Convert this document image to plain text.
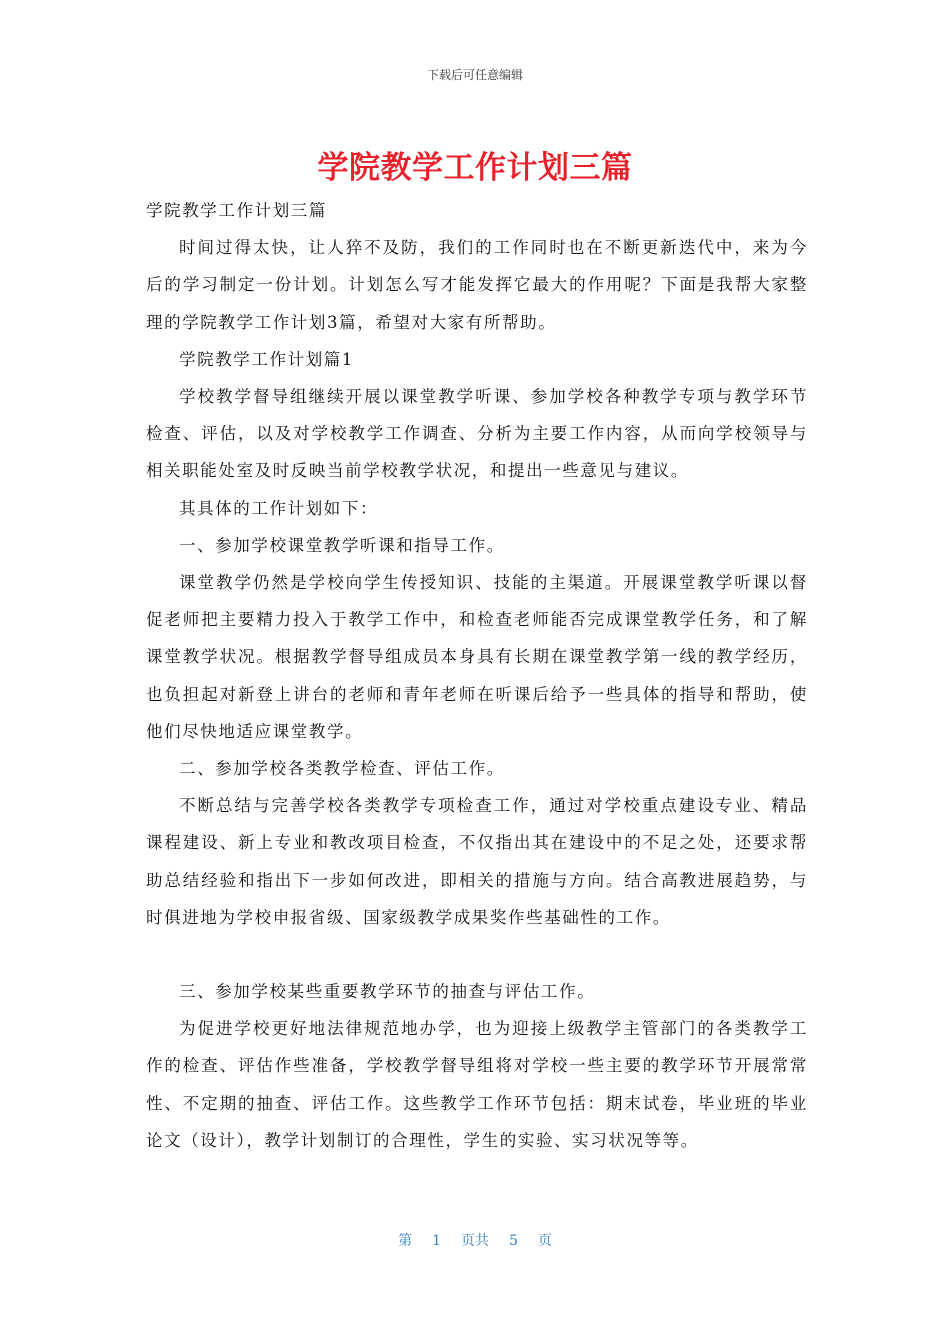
下载后可任意编辑
学院教学工作计划三篇

学院教学工作计划三篇

时间过得太快，让人猝不及防，我们的工作同时也在不断更新迭代中，来为今后的学习制定一份计划。计划怎么写才能发挥它最大的作用呢？下面是我帮大家整理的学院教学工作计划3篇，希望对大家有所帮助。

学院教学工作计划篇1

学校教学督导组继续开展以课堂教学听课、参加学校各种教学专项与教学环节检查、评估，以及对学校教学工作调查、分析为主要工作内容，从而向学校领导与相关职能处室及时反映当前学校教学状况，和提出一些意见与建议。

其具体的工作计划如下：

一、参加学校课堂教学听课和指导工作。

课堂教学仍然是学校向学生传授知识、技能的主渠道。开展课堂教学听课以督促老师把主要精力投入于教学工作中，和检查老师能否完成课堂教学任务，和了解课堂教学状况。根据教学督导组成员本身具有长期在课堂教学第一线的教学经历，也负担起对新登上讲台的老师和青年老师在听课后给予一些具体的指导和帮助，使他们尽快地适应课堂教学。

二、参加学校各类教学检查、评估工作。

不断总结与完善学校各类教学专项检查工作，通过对学校重点建设专业、精品课程建设、新上专业和教改项目检查，不仅指出其在建设中的不足之处，还要求帮助总结经验和指出下一步如何改进，即相关的措施与方向。结合高教进展趋势，与时俱进地为学校申报省级、国家级教学成果奖作些基础性的工作。

三、参加学校某些重要教学环节的抽查与评估工作。

为促进学校更好地法律规范地办学，也为迎接上级教学主管部门的各类教学工作的检查、评估作些准备，学校教学督导组将对学校一些主要的教学环节开展常常性、不定期的抽查、评估工作。这些教学工作环节包括：期末试卷，毕业班的毕业论文（设计），教学计划制订的合理性，学生的实验、实习状况等等。

第 1 页共 5 页
